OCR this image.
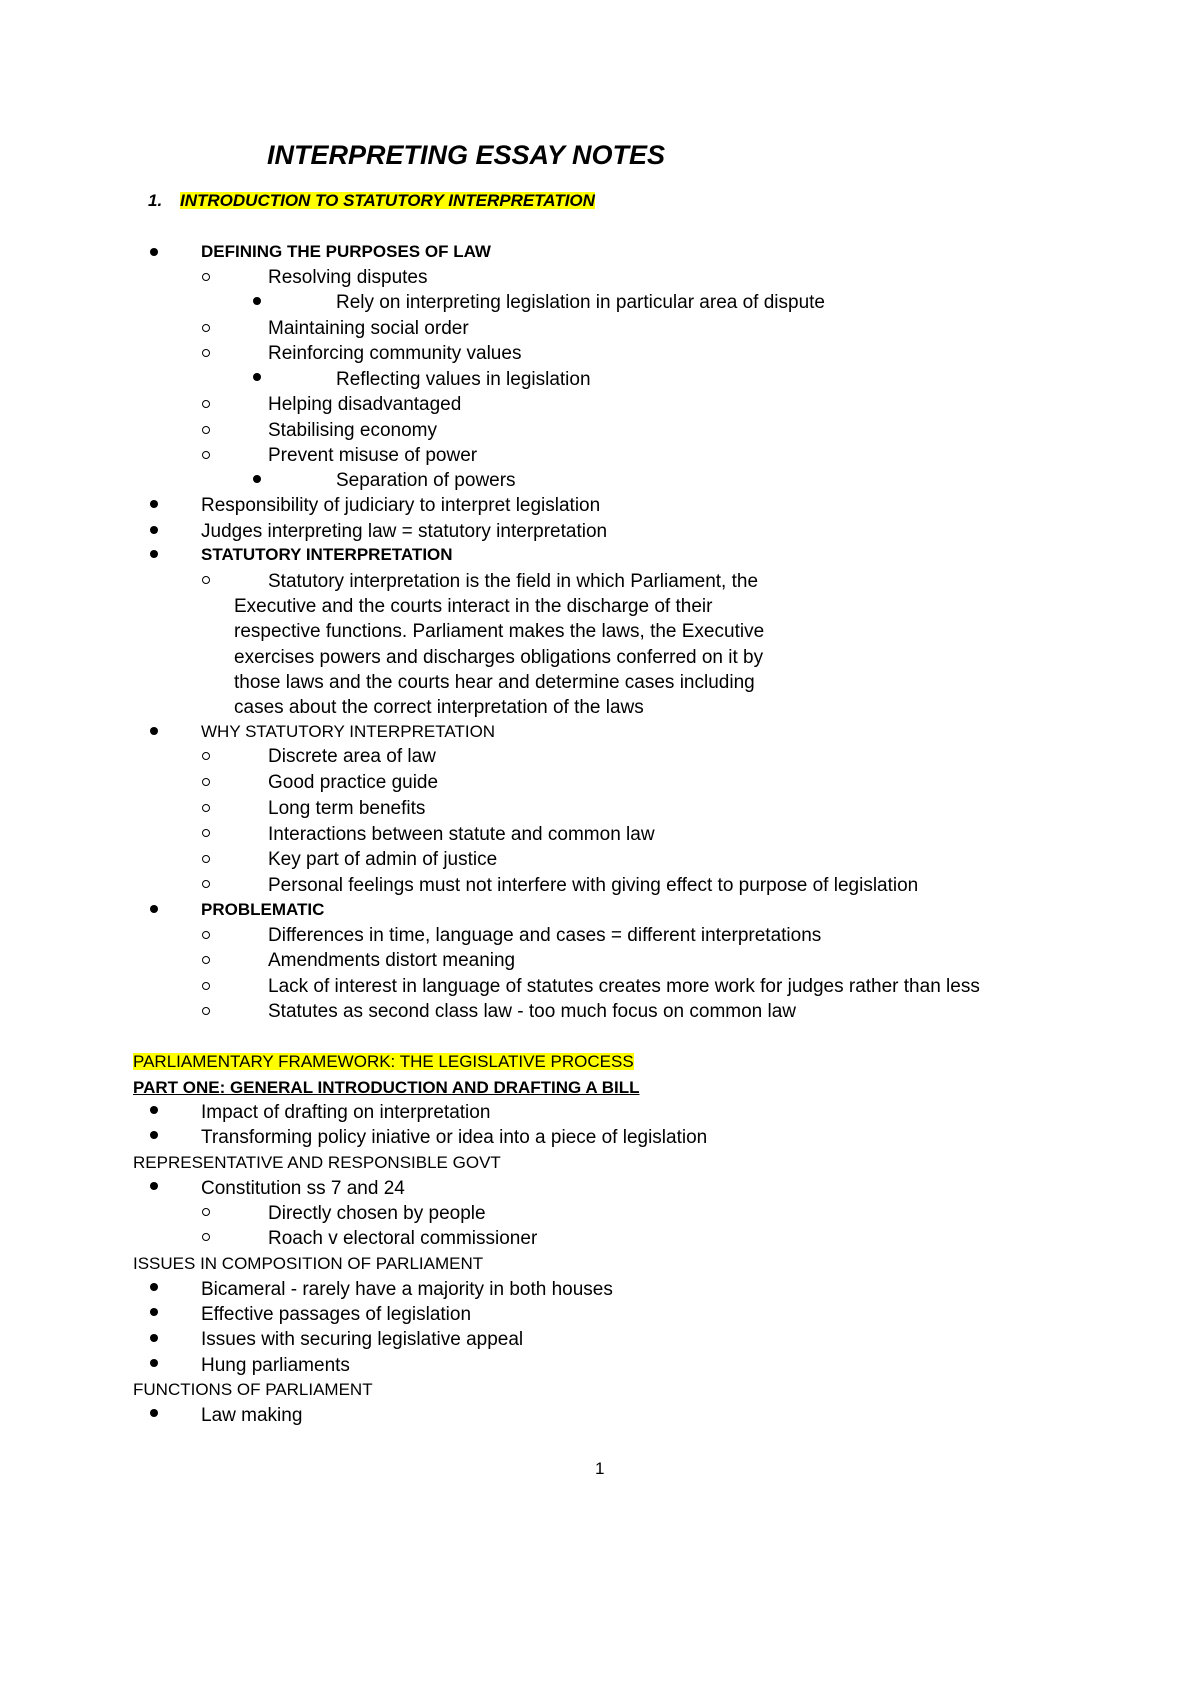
INTERPRETING ESSAY NOTES
1. INTRODUCTION TO STATUTORY INTERPRETATION
DEFINING THE PURPOSES OF LAW
Resolving disputes
Rely on interpreting legislation in particular area of dispute
Maintaining social order
Reinforcing community values
Reflecting values in legislation
Helping disadvantaged
Stabilising economy
Prevent misuse of power
Separation of powers
Responsibility of judiciary to interpret legislation
Judges interpreting law = statutory interpretation
STATUTORY INTERPRETATION
Statutory interpretation is the field in which Parliament, the
Executive and the courts interact in the discharge of their
respective functions. Parliament makes the laws, the Executive
exercises powers and discharges obligations conferred on it by
those laws and the courts hear and determine cases including
cases about the correct interpretation of the laws
WHY STATUTORY INTERPRETATION
Discrete area of law
Good practice guide
Long term benefits
Interactions between statute and common law
Key part of admin of justice
Personal feelings must not interfere with giving effect to purpose of legislation
PROBLEMATIC
Differences in time, language and cases = different interpretations
Amendments distort meaning
Lack of interest in language of statutes creates more work for judges rather than less
Statutes as second class law - too much focus on common law
PARLIAMENTARY FRAMEWORK: THE LEGISLATIVE PROCESS
PART ONE: GENERAL INTRODUCTION AND DRAFTING A BILL
Impact of drafting on interpretation
Transforming policy iniative or idea into a piece of legislation
REPRESENTATIVE AND RESPONSIBLE GOVT
Constitution ss 7 and 24
Directly chosen by people
Roach v electoral commissioner
ISSUES IN COMPOSITION OF PARLIAMENT
Bicameral - rarely have a majority in both houses
Effective passages of legislation
Issues with securing legislative appeal
Hung parliaments
FUNCTIONS OF PARLIAMENT
Law making
1
